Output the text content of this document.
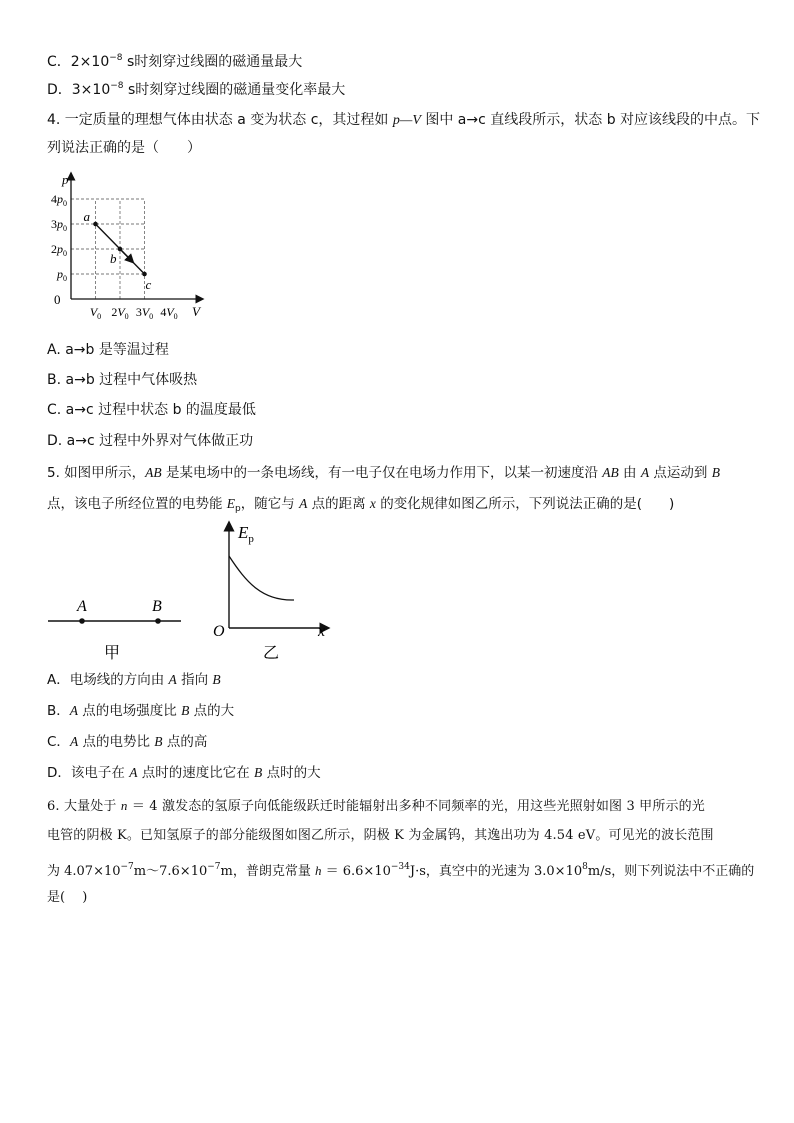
C．$2\times 10^{-8}$ s时刻穿过线圈的磁通量最大
D．$3\times 10^{-8}$ s时刻穿过线圈的磁通量变化率最大
4. 一定质量的理想气体由状态 a 变为状态 c，其过程如 p—V 图中 a→c 直线段所示，状态 b 对应该线段的中点。下
列说法正确的是（　　）
p
V
0
$4p_0$
$3p_0$
$2p_0$
$p_0$
$V_0$ $2V_0$ $3V_0$ $4V_0$
a
b
c
A. a→b 是等温过程
B. a→b 过程中气体吸热
C. a→c 过程中状态 b 的温度最低
D. a→c 过程中外界对气体做正功
5. 如图甲所示，AB 是某电场中的一条电场线，有一电子仅在电场力作用下，以某一初速度沿 AB 由 A 点运动到 B
点，该电子所经位置的电势能 $E_p$，随它与 A 点的距离 x 的变化规律如图乙所示，下列说法正确的是(　　)
A	B
甲
$E_p$
x
O
乙
A．电场线的方向由 A 指向 B
B．A 点的电场强度比 B 点的大
C．A 点的电势比 B 点的高
D．该电子在 A 点时的速度比它在 B 点时的大
6. 大量处于 n ＝ 4 激发态的氢原子向低能级跃迁时能辐射出多种不同频率的光，用这些光照射如图 3 甲所示的光
电管的阴极 K。已知氢原子的部分能级图如图乙所示，阴极 K 为金属钨，其逸出功为 4.54 eV。可见光的波长范围
为 $4.07\times 10^{-7}m\sim 7.6\times 10^{-7}m$，普朗克常量 $h = 6.6\times 10^{-34}J\cdot s$，真空中的光速为 $3.0\times 10^8m/s$，则下列说法中不正确的
是(　 )
